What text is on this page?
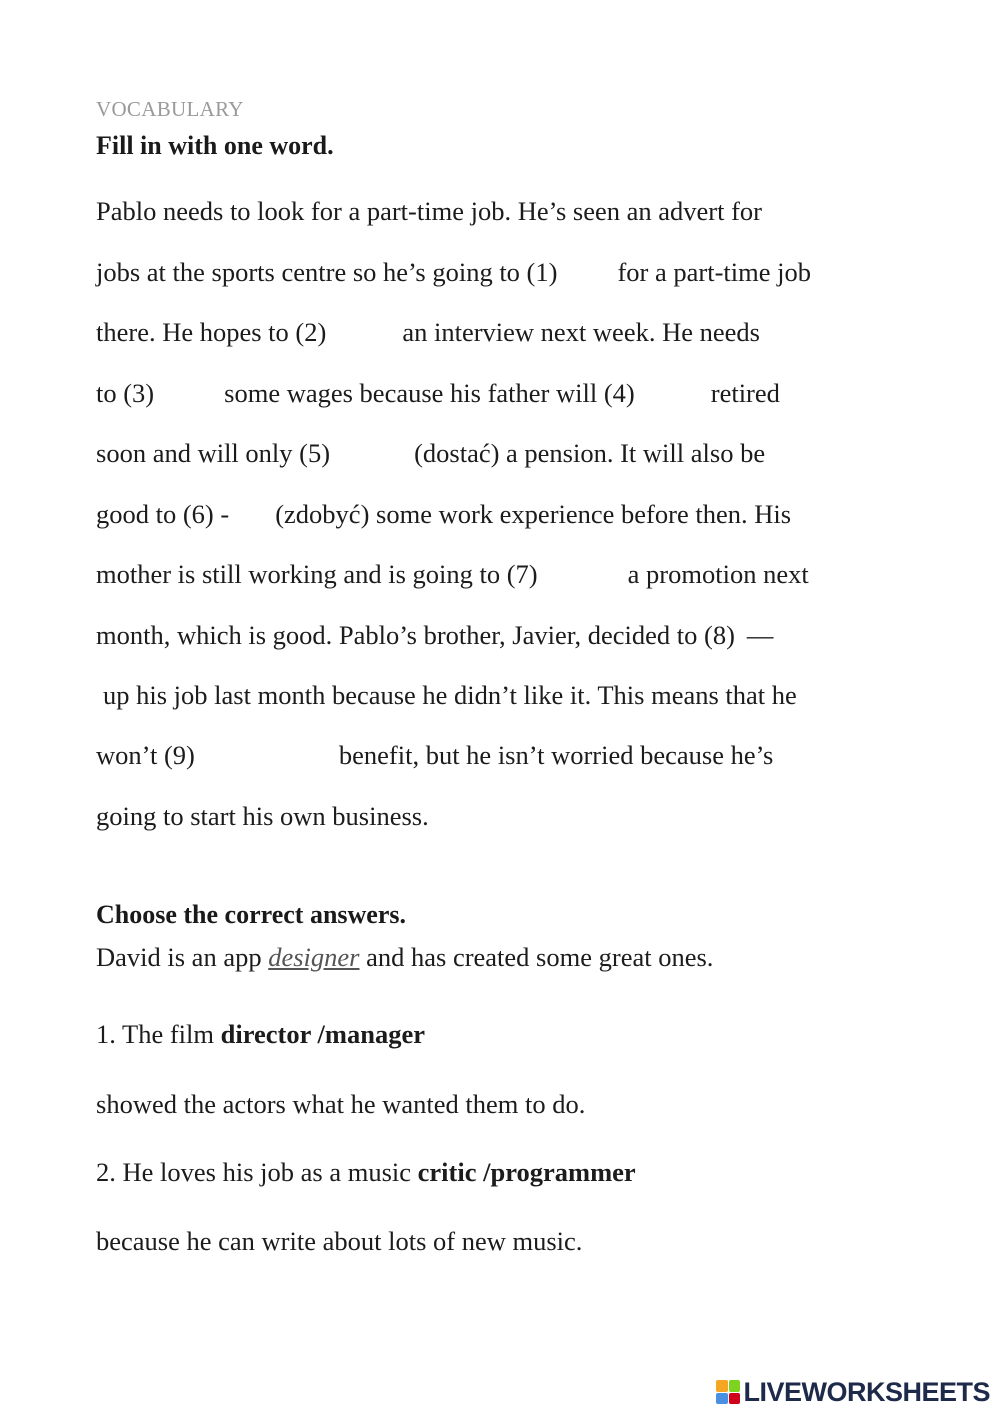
VOCABULARY
Fill in with one word.
Pablo needs to look for a part-time job. He’s seen an advert for
jobs at the sports centre so he’s going to (1) for a part-time job
there. He hopes to (2)	an interview next week. He needs
to (3)	some wages because his father will (4)	retired
soon and will only (5)	(dostać) a pension. It will also be
good to (6) - (zdobyć) some work experience before then. His
mother is still working and is going to (7)	a promotion next
month, which is good. Pablo’s brother, Javier, decided to (8) —
up his job last month because he didn’t like it. This means that he
won’t (9)	benefit, but he isn’t worried because he’s
going to start his own business.
Choose the correct answers.
David is an app designer and has created some great ones.
1. The film director /manager
showed the actors what he wanted them to do.
2. He loves his job as a music critic /programmer
because he can write about lots of new music.
LIVEWORKSHEETS
